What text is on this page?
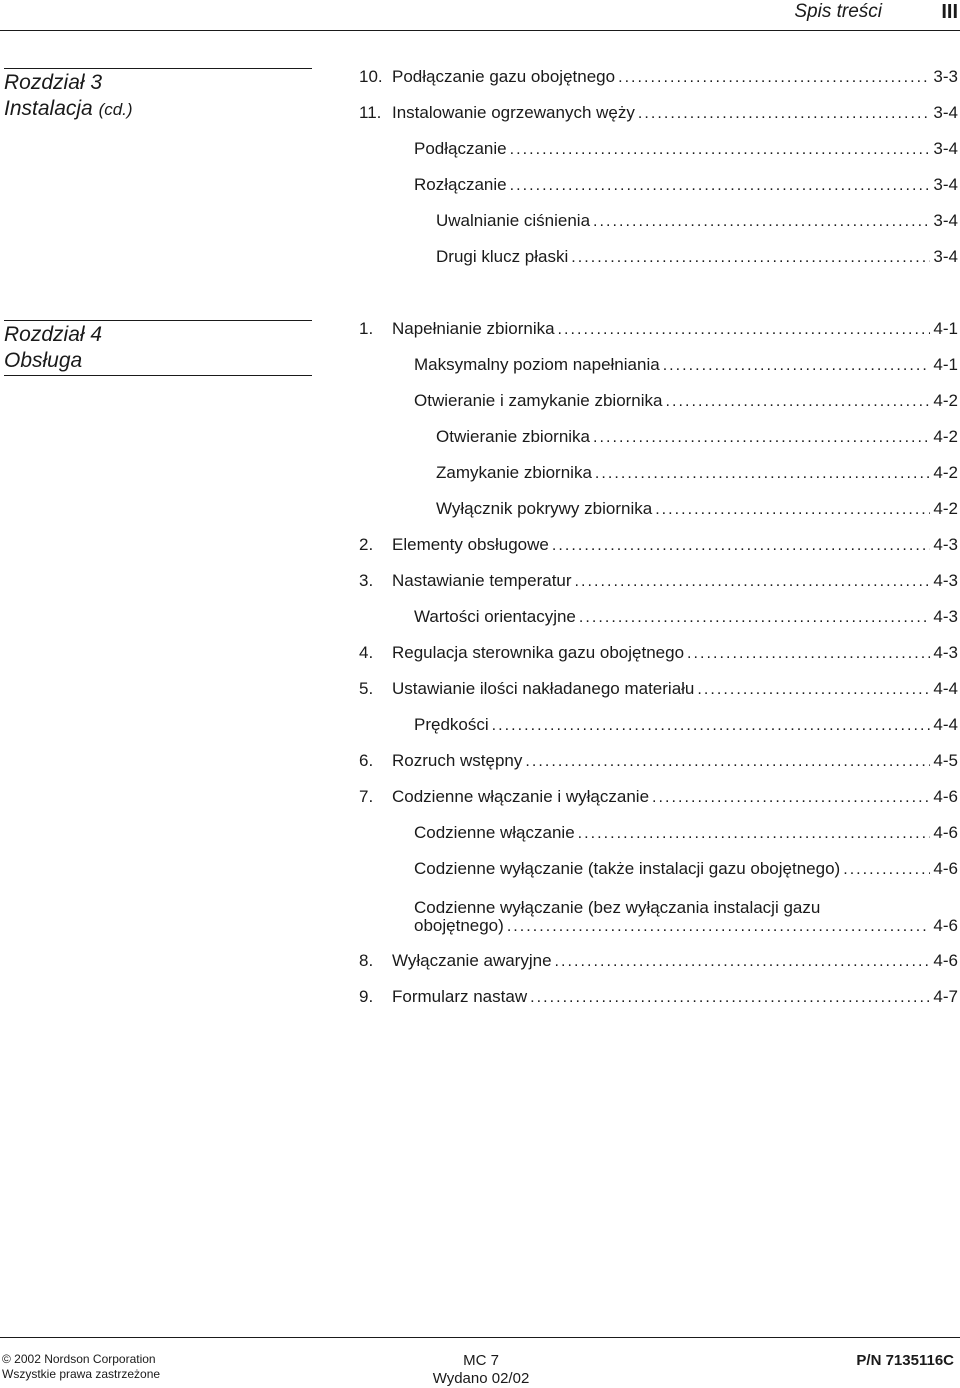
Spis treści	III
Rozdział 3
Instalacja (cd.)
10. Podłączanie gazu obojętnego . . .	3-3
11. Instalowanie ogrzewanych węży . . .	3-4
Podłączanie . . .	3-4
Rozłączanie . . .	3-4
Uwalnianie ciśnienia . . .	3-4
Drugi klucz płaski . . .	3-4
Rozdział 4
Obsługa
1. Napełnianie zbiornika . . .	4-1
Maksymalny poziom napełniania . . .	4-1
Otwieranie i zamykanie zbiornika . . .	4-2
Otwieranie zbiornika . . .	4-2
Zamykanie zbiornika . . .	4-2
Wyłącznik pokrywy zbiornika . . .	4-2
2. Elementy obsługowe . . .	4-3
3. Nastawianie temperatur . . .	4-3
Wartości orientacyjne . . .	4-3
4. Regulacja sterownika gazu obojętnego . . .	4-3
5. Ustawianie ilości nakładanego materiału . . .	4-4
Prędkości . . .	4-4
6. Rozruch wstępny . . .	4-5
7. Codzienne włączanie i wyłączanie . . .	4-6
Codzienne włączanie . . .	4-6
Codzienne wyłączanie (także instalacji gazu obojętnego) . . .	4-6
Codzienne wyłączanie (bez wyłączania instalacji gazu
obojętnego) . . .	4-6
8. Wyłączanie awaryjne . . .	4-6
9. Formularz nastaw . . .	4-7
© 2002 Nordson Corporation
Wszystkie prawa zastrzeżone
MC 7
Wydano 02/02
P/N 7135116C
